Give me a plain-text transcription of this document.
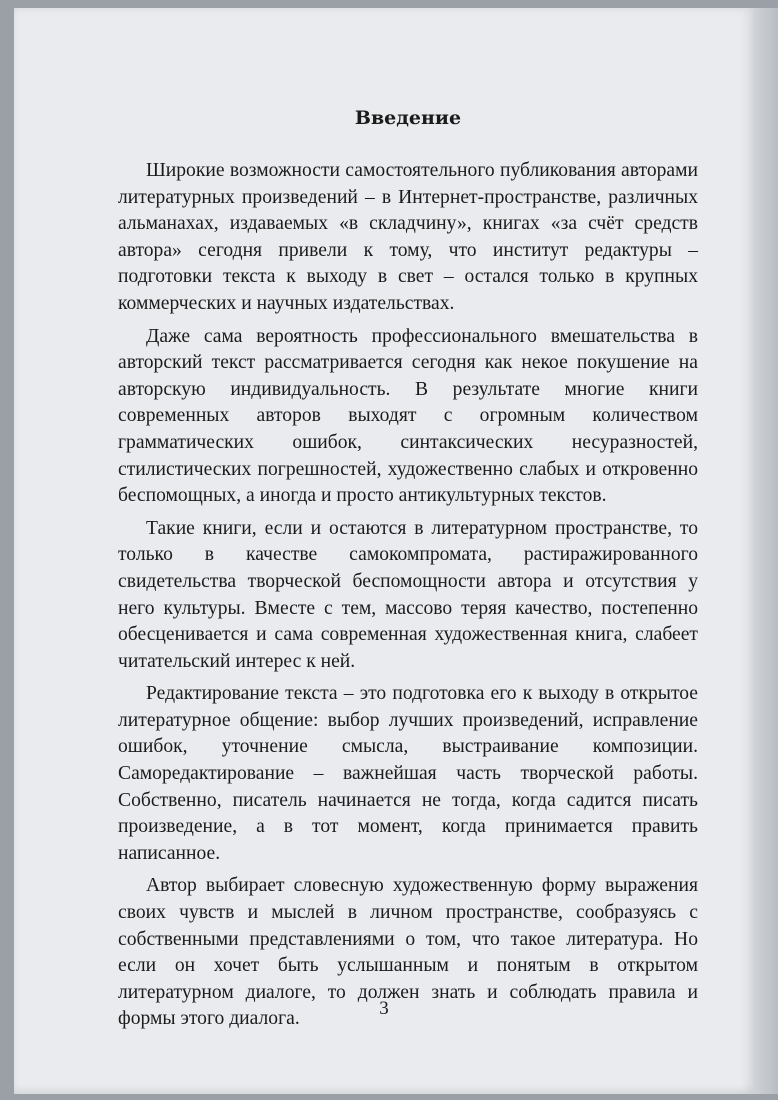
Введение

Широкие возможности самостоятельного публикования авторами литературных произведений – в Интернет-пространстве, различных альманахах, издаваемых «в складчину», книгах «за счёт средств автора» сегодня привели к тому, что институт редактуры – подготовки текста к выходу в свет – остался только в крупных коммерческих и научных издательствах.

Даже сама вероятность профессионального вмешательства в авторский текст рассматривается сегодня как некое покушение на авторскую индивидуальность. В результате многие книги современных авторов выходят с огромным количеством грамматических ошибок, синтаксических несуразностей, стилистических погрешностей, художественно слабых и откровенно беспомощных, а иногда и просто антикультурных текстов.

Такие книги, если и остаются в литературном пространстве, то только в качестве самокомпромата, растиражированного свидетельства творческой беспомощности автора и отсутствия у него культуры. Вместе с тем, массово теряя качество, постепенно обесценивается и сама современная художественная книга, слабеет читательский интерес к ней.

Редактирование текста – это подготовка его к выходу в открытое литературное общение: выбор лучших произведений, исправление ошибок, уточнение смысла, выстраивание композиции. Саморедактирование – важнейшая часть творческой работы. Собственно, писатель начинается не тогда, когда садится писать произведение, а в тот момент, когда принимается править написанное.

Автор выбирает словесную художественную форму выражения своих чувств и мыслей в личном пространстве, сообразуясь с собственными представлениями о том, что такое литература. Но если он хочет быть услышанным и понятым в открытом литературном диалоге, то должен знать и соблюдать правила и формы этого диалога.	3
